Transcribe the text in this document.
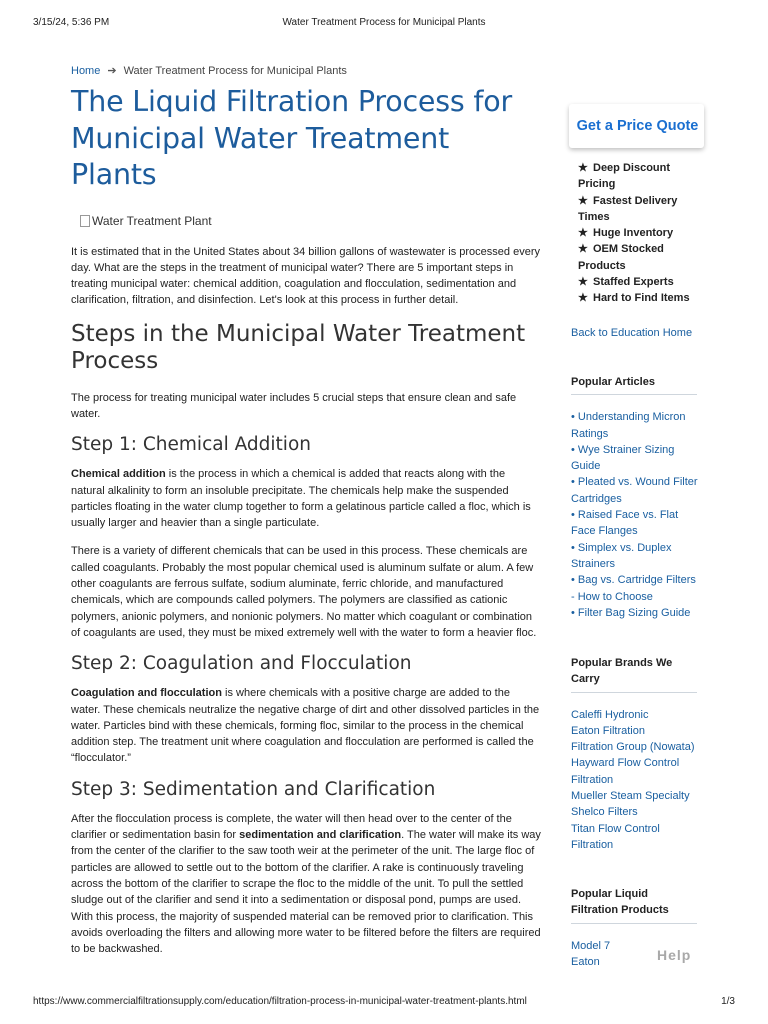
3/15/24, 5:36 PM	Water Treatment Process for Municipal Plants
Home ➔ Water Treatment Process for Municipal Plants
The Liquid Filtration Process for Municipal Water Treatment Plants
Water Treatment Plant

It is estimated that in the United States about 34 billion gallons of wastewater is processed every day. What are the steps in the treatment of municipal water? There are 5 important steps in treating municipal water: chemical addition, coagulation and flocculation, sedimentation and clarification, filtration, and disinfection. Let's look at this process in further detail.

Steps in the Municipal Water Treatment Process

The process for treating municipal water includes 5 crucial steps that ensure clean and safe water.

Step 1: Chemical Addition

Chemical addition is the process in which a chemical is added that reacts along with the natural alkalinity to form an insoluble precipitate. The chemicals help make the suspended particles floating in the water clump together to form a gelatinous particle called a floc, which is usually larger and heavier than a single particulate.

There is a variety of different chemicals that can be used in this process. These chemicals are called coagulants. Probably the most popular chemical used is aluminum sulfate or alum. A few other coagulants are ferrous sulfate, sodium aluminate, ferric chloride, and manufactured chemicals, which are compounds called polymers. The polymers are classified as cationic polymers, anionic polymers, and nonionic polymers. No matter which coagulant or combination of coagulants are used, they must be mixed extremely well with the water to form a heavier floc.

Step 2: Coagulation and Flocculation

Coagulation and flocculation is where chemicals with a positive charge are added to the water. These chemicals neutralize the negative charge of dirt and other dissolved particles in the water. Particles bind with these chemicals, forming floc, similar to the process in the chemical addition step. The treatment unit where coagulation and flocculation are performed is called the “flocculator.”

Step 3: Sedimentation and Clarification

After the flocculation process is complete, the water will then head over to the center of the clarifier or sedimentation basin for sedimentation and clarification. The water will make its way from the center of the clarifier to the saw tooth weir at the perimeter of the unit. The large floc of particles are allowed to settle out to the bottom of the clarifier. A rake is continuously traveling across the bottom of the clarifier to scrape the floc to the middle of the unit. To pull the settled sludge out of the clarifier and send it into a sedimentation or disposal pond, pumps are used. With this process, the majority of suspended material can be removed prior to clarification. This avoids overloading the filters and allowing more water to be filtered before the filters are required to be backwashed.

Get a Price Quote
★ Deep Discount Pricing
★ Fastest Delivery Times
★ Huge Inventory
★ OEM Stocked Products
★ Staffed Experts
★ Hard to Find Items
Back to Education Home
Popular Articles
• Understanding Micron Ratings
• Wye Strainer Sizing Guide
• Pleated vs. Wound Filter Cartridges
• Raised Face vs. Flat Face Flanges
• Simplex vs. Duplex Strainers
• Bag vs. Cartridge Filters - How to Choose
• Filter Bag Sizing Guide
Popular Brands We Carry
Caleffi Hydronic
Eaton Filtration
Filtration Group (Nowata)
Hayward Flow Control Filtration
Mueller Steam Specialty
Shelco Filters
Titan Flow Control Filtration
Popular Liquid Filtration Products
Model 7
Eaton	Help
https://www.commercialfiltrationsupply.com/education/filtration-process-in-municipal-water-treatment-plants.html	1/3
